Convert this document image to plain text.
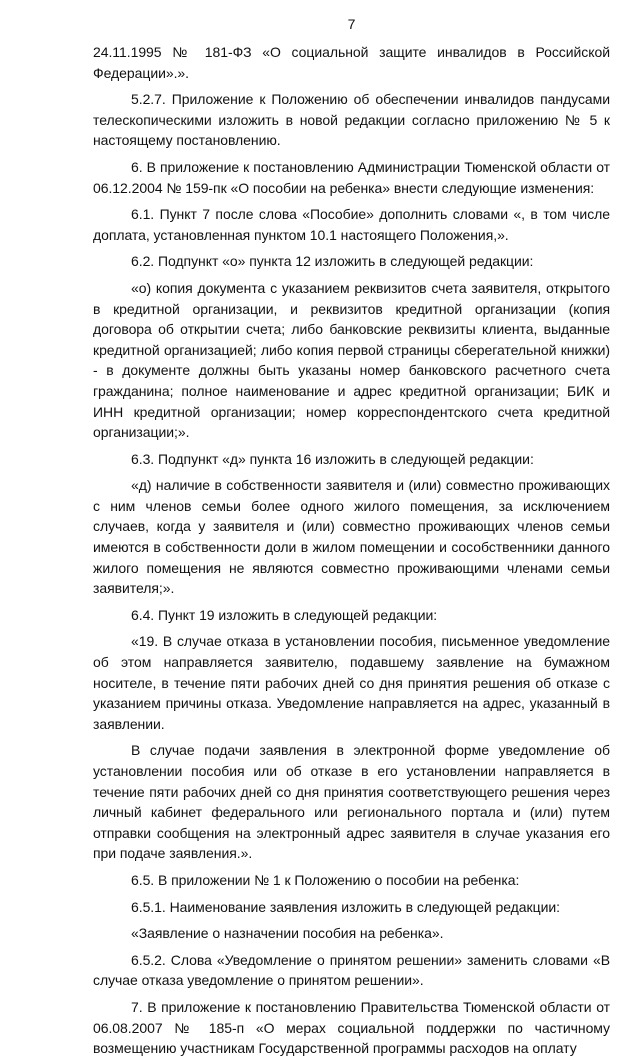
7

24.11.1995 № 181-ФЗ «О социальной защите инвалидов в Российской Федерации».».

5.2.7. Приложение к Положению об обеспечении инвалидов пандусами телескопическими изложить в новой редакции согласно приложению № 5 к настоящему постановлению.

6. В приложение к постановлению Администрации Тюменской области от 06.12.2004 № 159-пк «О пособии на ребенка» внести следующие изменения:

6.1. Пункт 7 после слова «Пособие» дополнить словами «, в том числе доплата, установленная пунктом 10.1 настоящего Положения,».

6.2. Подпункт «о» пункта 12 изложить в следующей редакции:

«о) копия документа с указанием реквизитов счета заявителя, открытого в кредитной организации, и реквизитов кредитной организации (копия договора об открытии счета; либо банковские реквизиты клиента, выданные кредитной организацией; либо копия первой страницы сберегательной книжки) - в документе должны быть указаны номер банковского расчетного счета гражданина; полное наименование и адрес кредитной организации; БИК и ИНН кредитной организации; номер корреспондентского счета кредитной организации;».

6.3. Подпункт «д» пункта 16 изложить в следующей редакции:

«д) наличие в собственности заявителя и (или) совместно проживающих с ним членов семьи более одного жилого помещения, за исключением случаев, когда у заявителя и (или) совместно проживающих членов семьи имеются в собственности доли в жилом помещении и сособственники данного жилого помещения не являются совместно проживающими членами семьи заявителя;».

6.4. Пункт 19 изложить в следующей редакции:

«19. В случае отказа в установлении пособия, письменное уведомление об этом направляется заявителю, подавшему заявление на бумажном носителе, в течение пяти рабочих дней со дня принятия решения об отказе с указанием причины отказа. Уведомление направляется на адрес, указанный в заявлении.

В случае подачи заявления в электронной форме уведомление об установлении пособия или об отказе в его установлении направляется в течение пяти рабочих дней со дня принятия соответствующего решения через личный кабинет федерального или регионального портала и (или) путем отправки сообщения на электронный адрес заявителя в случае указания его при подаче заявления.».

6.5. В приложении № 1 к Положению о пособии на ребенка:

6.5.1. Наименование заявления изложить в следующей редакции:

«Заявление о назначении пособия на ребенка».

6.5.2. Слова «Уведомление о принятом решении» заменить словами «В случае отказа уведомление о принятом решении».

7. В приложение к постановлению Правительства Тюменской области от 06.08.2007 № 185-п «О мерах социальной поддержки по частичному возмещению участникам Государственной программы расходов на оплату
